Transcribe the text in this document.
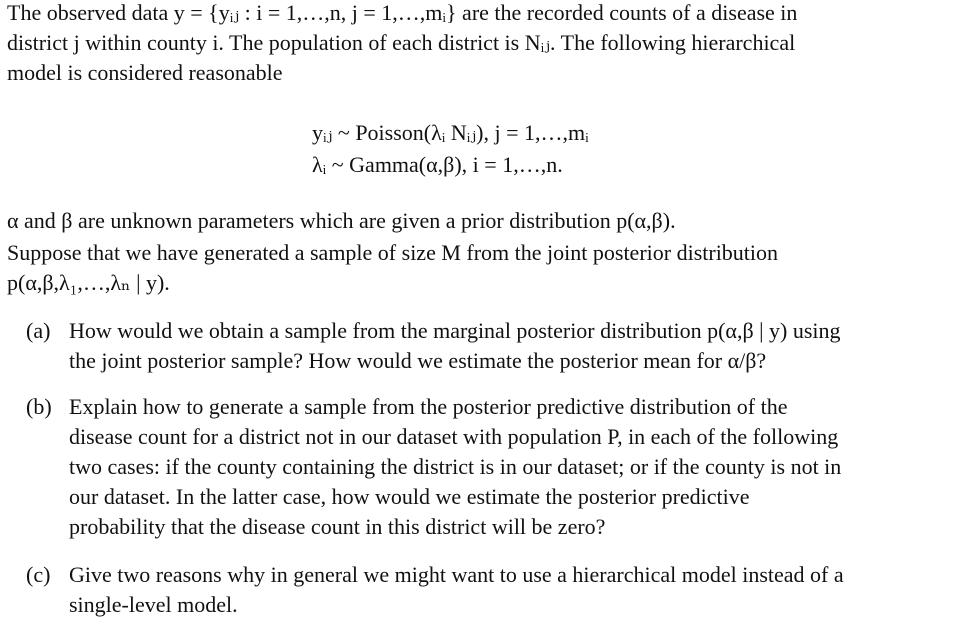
The observed data y = {yᵢⱼ : i = 1,…,n, j = 1,…,mᵢ} are the recorded counts of a disease in
district j within county i. The population of each district is Nᵢⱼ. The following hierarchical
model is considered reasonable
yᵢⱼ ~ Poisson(λᵢ Nᵢⱼ), j = 1,…,mᵢ
λᵢ ~ Gamma(α,β), i = 1,…,n.
α and β are unknown parameters which are given a prior distribution p(α,β).
Suppose that we have generated a sample of size M from the joint posterior distribution
p(α,β,λ₁,…,λₙ | y).
(a) How would we obtain a sample from the marginal posterior distribution p(α,β | y) using
the joint posterior sample? How would we estimate the posterior mean for α/β?
(b) Explain how to generate a sample from the posterior predictive distribution of the
disease count for a district not in our dataset with population P, in each of the following
two cases: if the county containing the district is in our dataset; or if the county is not in
our dataset. In the latter case, how would we estimate the posterior predictive
probability that the disease count in this district will be zero?
(c) Give two reasons why in general we might want to use a hierarchical model instead of a
single-level model.
